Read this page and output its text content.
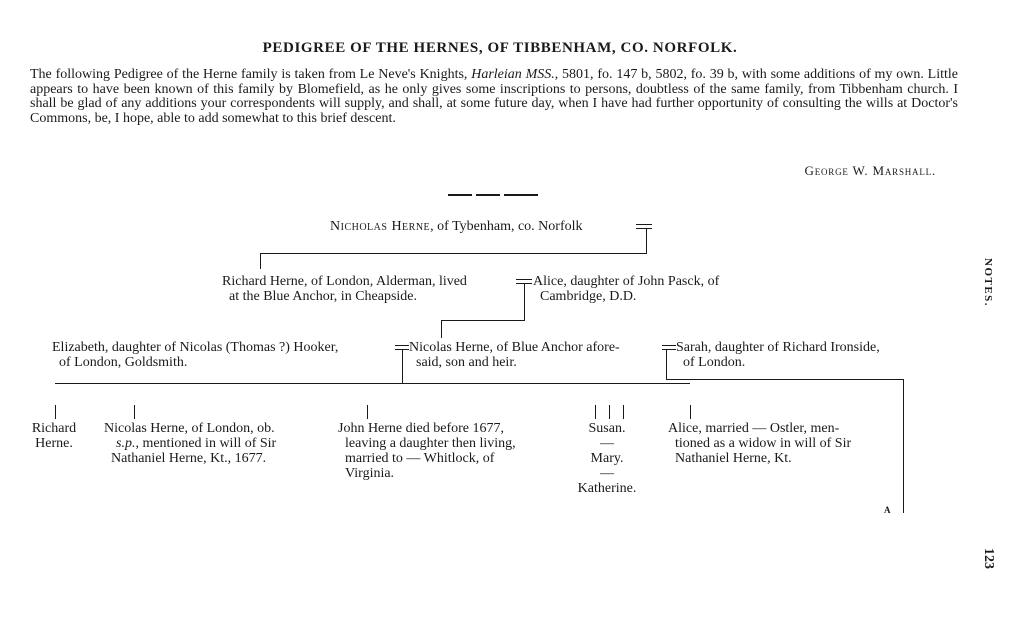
PEDIGREE OF THE HERNES, OF TIBBENHAM, CO. NORFOLK.
The following Pedigree of the Herne family is taken from Le Neve's Knights, Harleian MSS., 5801, fo. 147 b, 5802, fo. 39 b, with some additions of my own. Little appears to have been known of this family by Blomefield, as he only gives some inscriptions to persons, doubtless of the same family, from Tibbenham church. I shall be glad of any additions your correspondents will supply, and shall, at some future day, when I have had further opportunity of consulting the wills at Doctor's Commons, be, I hope, able to add somewhat to this brief descent.
George W. Marshall.
Nicholas Herne, of Tybenham, co. Norfolk
Richard Herne, of London, Alderman, lived
at the Blue Anchor, in Cheapside.
Alice, daughter of John Pasck, of
Cambridge, D.D.
Elizabeth, daughter of Nicolas (Thomas ?) Hooker,
of London, Goldsmith.
Nicolas Herne, of Blue Anchor afore-
said, son and heir.
Sarah, daughter of Richard Ironside,
of London.
Richard
Herne.
Nicolas Herne, of London, ob.
s.p., mentioned in will of Sir
Nathaniel Herne, Kt., 1677.
John Herne died before 1677,
leaving a daughter then living,
married to — Whitlock, of
Virginia.
Susan.
—
Mary.
—
Katherine.
Alice, married — Ostler, men-
tioned as a widow in will of Sir
Nathaniel Herne, Kt.
A
NOTES.
123
